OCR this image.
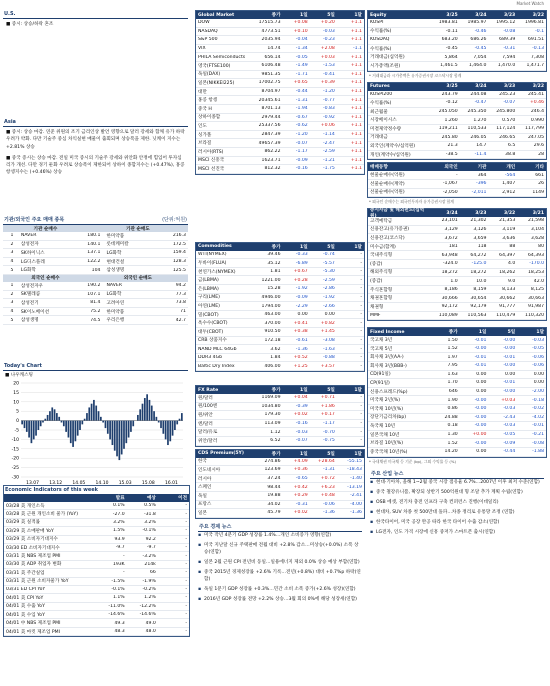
Market Watch
U.S.
■ 증시: 상승/하락 혼조
Asia
■ 증시: 상승 마감. 연준 위원의 조기 금리인상 발언 영향으로 달러 강세와 함께 유가 하락 우려가 약화. 다만 기술주 중심 차익실현 매물이 출회되며 상승폭을 제한. 닛케이 지수는 +2.81% 상승
■ 중국 증시는 상승 마감. 전일 미국 증시의 기술주 강세와 위안화 안정에 힘입어 투자심리가 개선. 다만 경기 둔화 우려로 상승폭이 제한되어 상하이 종합지수는 (+0.47%), 홍콩 항셍지수는 (+0.46%) 상승
기관/외국인 주요 매매 종목	(단위:억원)
기관 순매수	기관 순매도
1	NAVER	180.1	한미약품	216.3
2	삼성전자	140.1	롯데케미칼	172.5
3	SK하이닉스	137.1	LG화학	159.4
4	LG디스플레	122.2	현대건설	128.3
5	LG화학	104	삼성생명	125.5
외국인 순매수	외국인 순매도
1	삼성전자우	190.2	NAVER	94.2
2	SK텔레콤	107.1	LG화학	77.3
3	삼성전기	81.4	고려아연	73.8
4	SK이노베이션	75.2	한미약품	71
5	삼성생명	74.5	우리은행	42.7
Today's Chart
■ 나우캐스팅
20
15
10
5
0
-5
-10
-15
-20
-25
-30
13.07 13.12 14.05 14.10 15.03 15.08 16.01
Economic Indicators of this week
발표	예상	이전
03/28 美 개인소득	0.1%	0.5%	-
03/28 美 근원 개인소비 물가 (YoY)	-27.0	-31.8	-
03/29 美 실적률	3.2%	3.2%	-
03/29 美 소매판매 YoY	1.5%	-0.1%	-
03/29 美 소비자기대지수	93.9	92.2	-
03/30 ED 소비자기대지수	-9.7	-9.7	-
03/31 美 NBS 제조업 PMI	-	-3.2%	-
03/30 美 ADP 취업자 변화	193K	214k	-
03/31 美 주간실업	-	66	-
03/31 美 근원 소비자물가 YoY	-1.5%	-1.9%	-
03/31 ED CPI YoY	-0.1%	-0.2%	-
04/01 美 CPI YoY	1.1%	1.2%	-
04/01 美 수출 YoY	-11.0%	-12.2%	-
04/01 美 수입 YoY	-14.6%	-14.6%	-
04/01 中 NBS 제조업 PMI	49.3	49.0	-
04/01 美 마킷 제조업 PMI	48.3	48.0	-
Global Market	종가	1일	5일	1달
DOW	17515.73	+0.08	+0.20	+1.1
NASDAQ	4773.51	+0.10	-0.03	+1.1
S&P 500	2035.94	-0.04	-0.23	+1.1
VIX	14.74	-1.34	+2.08	-1.1
PHILA Semiconducts	656.14	-0.05	+0.03	+1.1
영국(FTSE100)	6106.48	-1.49	-1.53	+1.1
독일(DAX)	9851.35	-1.71	-0.41	+1.1
일본(NIKKEI225)	17002.75	+0.65	+0.39	+1.1
대만	8704.97	-0.44	-1.20	+1.1
홍콩 항셍	20345.61	-1.31	-0.77	+1.1
중국 H	8701.13	-1.94	-0.83	+1.1
상하이종합	2979.44	-0.67	-0.92	+1.1
인도	25337.56	-0.62	+0.06	+1.1
싱가폴	2847.39	-1.20	-1.14	+1.1
브라질	49657.39	-0.07	-2.47	+1.1
러시아(RTS)	862.22	-1.17	-2.59	+1.1
MSCI 신흥국	1623.71	-0.09	-1.21	+1.1
MSCI 선진국	812.32	-0.16	-1.75	+1.1
Commodities	종가	1일	5일	1달
WTI(NYMEX)	39.46	-0.33	-0.74	-
두바이(FLUA)	35.12	-6.89	-5.57	-
천연가스(NYMEX)	1.81	+0.67	-5.30	-
금(LBMA)	1221.00	+0.28	-2.59	-
은(LBMA)	15.28	-1.92	-2.86	-
구리(LME)	4946.00	-0.09	-1.92	-
아연(LME)	1794.00	-2.29	-2.66	-
밀(CBOT)	463.00	0.00	0.00	-
옥수수(CBOT)	370.00	+0.41	+0.82	-
대두(CBOT)	910.50	+0.38	+1.45	-
CRB 상품지수	172.18	-0.61	-3.08	-
NAND MLC 64Gb	3.62	-1.36	-1.63	-
DDR3 4Gb	1.84	+0.52	-0.88	-
Baltic Dry Index	406.00	+1.25	+3.57	-
FX Rate	종가	1일	5일	1달
원/달러	1169.09	+0.04	+0.71	-
원/100엔	1034.80	-0.39	+1.86	-
원/위안	179.30	+0.02	+0.17	-
엔/달러	113.09	-0.16	-1.17	-
달러/유로	1.12	-0.03	-0.70	-
위안/달러	6.52	-0.07	-0.75	-
CDS Premium(5Y)	종가	1일	5일	1달
한국	274.86	+4.09	+28.64	-55.15
인도네시아	123.69	+0.36	-1.31	-18.43
러시아	37.24	-0.65	+0.72	-1.40
스페인	98.44	+0.42	+6.23	-13.19
독일	19.88	+0.29	+0.48	-2.41
프랑스	34.02	-0.31	-0.06	-4.00
일본	45.79	+0.02	-1.36	-1.36
주요 경제 뉴스
▪ 미국 작년 4분기 GDP 성장률 1.4%…개인 소비증가 영향(연합)
▪ 미국 지난달 신규 주택판매 전월 대비 +2.8% 감소…미상승(+0.0%) 소폭 상승(연합)
▪ 일본 2월 근원 CPI 전년비 동일…일용에너지 제외 0.0% 상승 예상 부합(연합)
▪ 중국 2015년 경제성장률 +2.6% 기록…전년(+0.8%) 대비 +0.7%p 하락(연합)
▪ 독일 1분기 GDP 성장률 +0.3%…민간 소비 소폭 증가(+2.6% 성장)(연합)
▪ 2016년 GDP 성장률 전망 +2.2% 상승…3월 회의 0%에 해당 성장세(연합)
Equity	3/25	3/24	3/23	3/22
KOSPI	1983.81	1985.97	1995.12	1996.81
수익률(%)	-0.11	-0.46	-0.08	-0.1
KOSDAQ	683.20	686.26	689.39	691.51
수익률(%)	-0.45	-0.45	-0.31	-0.13
거래대금(십억원)	5,864	7,054	7,594	7,308
시가총액(조원)	1,461.5	1,464.0	1,470.0	1,471.7
* 거래대금과 시가총액은 유가증권시장 코스닥시장 합계
Futures	3/25	3/24	3/23	3/22
KOSPI200	243.79	244.08	245.23	245.41
수익률(%)	-0.12	-0.47	-0.07	+0.46
최근월물	245.050	245.350	245.800	246.4
시장베이시스	1.260	1.270	0.570	0.990
미결제약정수량	119,211	110,533	117,124	117,799
거래대금	245.80	246.05	246.65	247.05
외국인(계약수/십억원)	21.3	14.7	6.5	29.6
개인(계약수/십억원)	-38.5	-11.4	38.8	28
매매동향	외국인	기관	개인	기타
현물순매수(억원)	-	364	-564	661
선물순매수(계약)	-1,067	-396	1,407	26
선물순매수(억원)	-2,050	-2,011	2,912	1149
* 외국인 순매수는 외국인투자자 유가증권시장 합계
증시자금 및 해외펀드(십억원)
3/24	3/23	3/22	3/21
고객예탁금	23,101	21,302	21,353	21,598
신용잔고(유가증권)	3,129	3,126	3,119	3,104
신용잔고(코스닥)	3,672	3,659	3,636	3,628
미수금(합계)	181	118	88	80
국내주식형	63,948	64,272	64,397	64,393
(증감)	-324.0	-125.0	4.0	-170.0
해외주식형	18,272	18,272	18,262	18,253
(증감)	1.0	10.0	9.0	42.0
주식혼합형	8,186	8,159	8,133	8,125
채권혼합형	30,666	30,654	30,662	30,663
채권형	92,172	92,179	91,777	91,987
MMF	110,089	110,563	110,479	110,320
Fixed Income	종가	1일	5일	1달
국고채 3년	1.50	-0.01	-0.00	-0.03
국고채 5년	1.52	-0.00	-0.00	-0.05
회사채 3년(AA-)	1.97	-0.01	-0.01	-0.06
회사채 3년(BBB-)	7.95	-0.01	-0.00	-0.06
CD(91일)	1.63	0.00	0.00	0.00
CP(91일)	1.70	0.00	-0.01	0.00
신용스프레드(%p)	646	0.00	-0.00	-2.00
미국채 2년(%)	1.90	-0.00	+0.03	-0.18
미국채 10년(%)	0.86	-0.00	-0.03	-0.02
장단기금리차(bp)	24.88	-0.00	-2.43	-4.02
독국채 10년	0.18	-0.00	-0.03	-0.01
일본국채 10년	1.30	+0.00	-0.05	-0.21
브라질 10년(%)	1.52	-0.00	-0.09	-0.08
중국국채 10년(%)	14.20	0.00	-0.44	-1.88
* 국내채권 미국채 등 기준 (bp), 그외 수익률 등 (%)
주요 산업 뉴스
▪ 현대·기아차, 올해 1~2월 중국 시장 점유율 6.7%…2007년 이후 최저 수준(연합)
▪ 중국 철강유니폼, 확장되 상반기 500억원대 형 조달 추가 계획 수립(연합)
▪ OSB 에셋, 전기차 충전 인프라 구축 컨퍼런스 진행(이데일리)
▪ 현대차, SUV 차종 첫 500만대 돌파…차종 정리로 유통망 조정 (연합)
▪ 한국타이어, 미국 공장 완공 따라 한국 타이어 수출 감소(연합)
▪ LG전자, 인도 가격 시장에 신흥 중저가 스마트폰 출시(연합)
